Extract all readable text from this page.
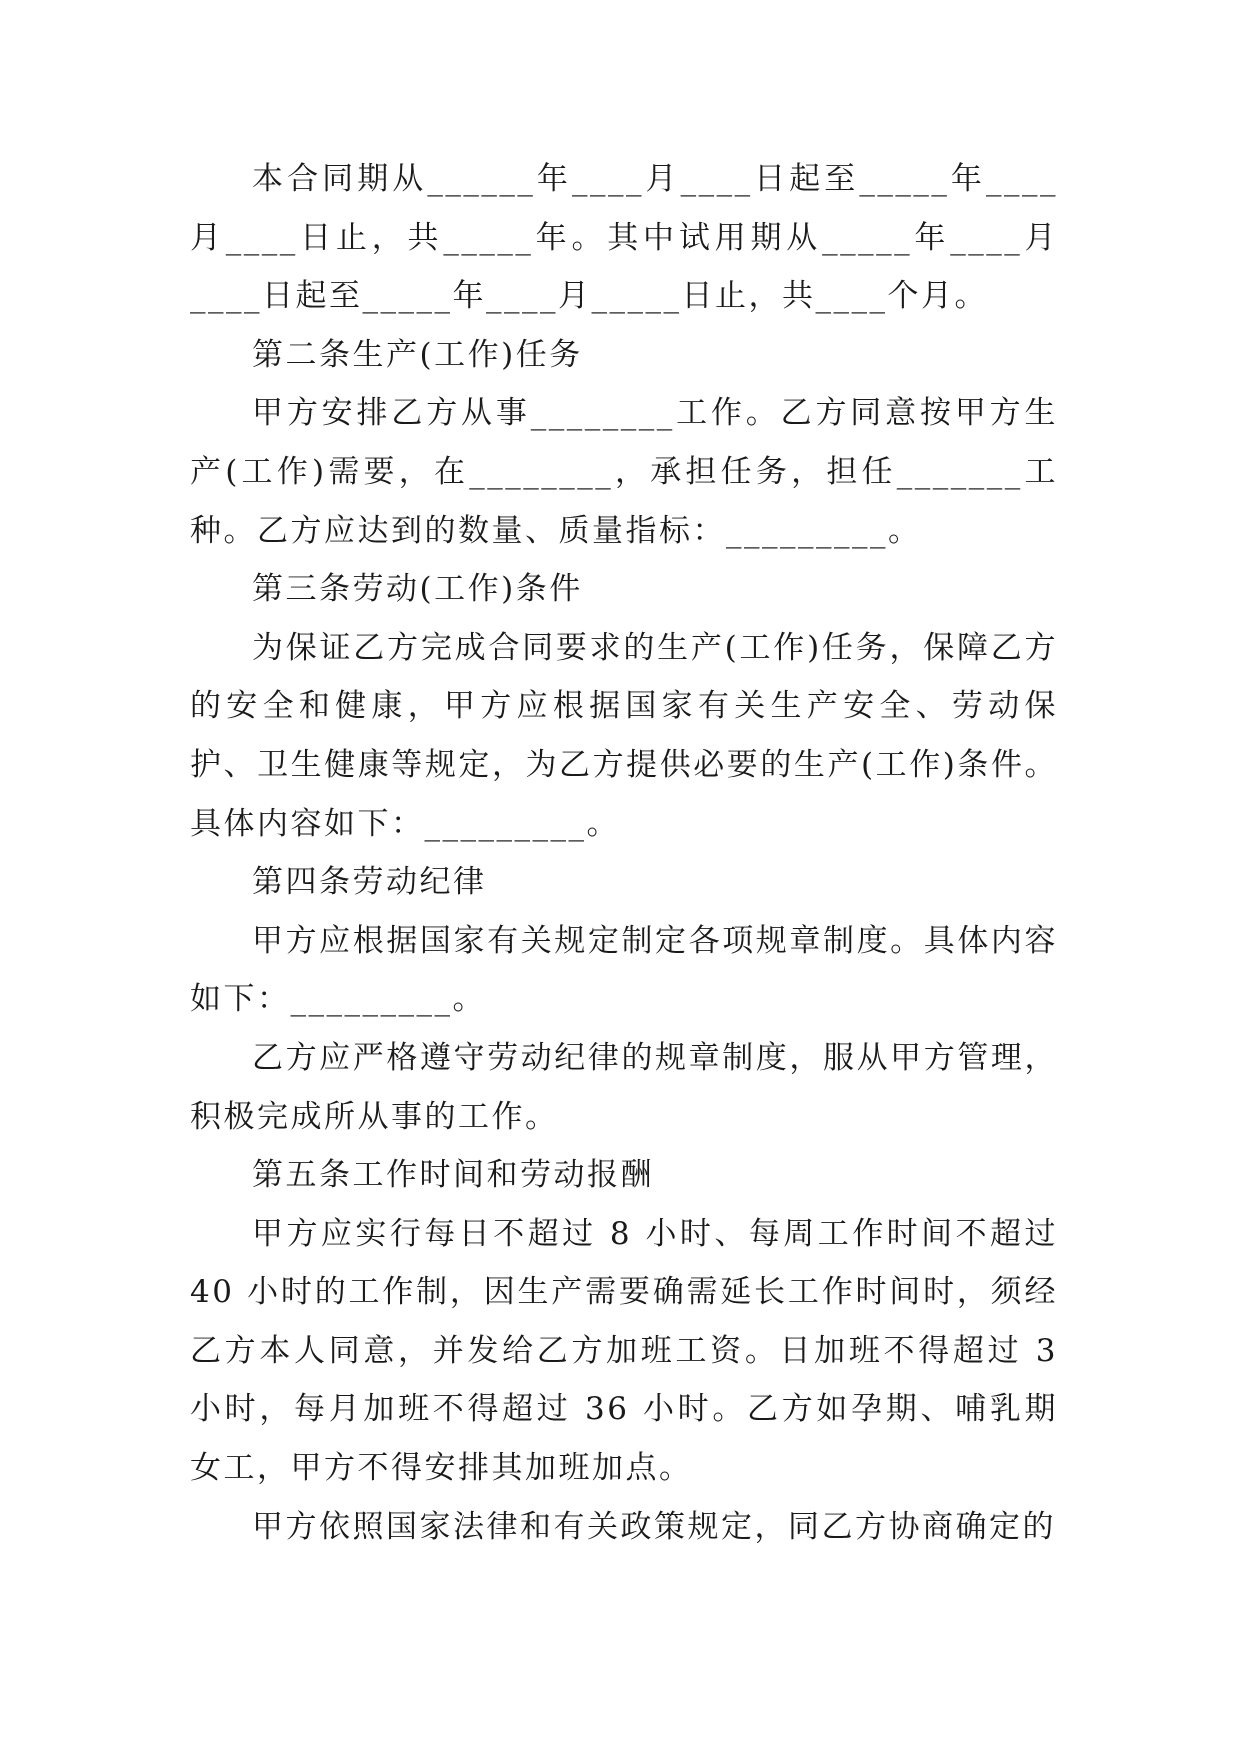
本合同期从______年____月____日起至_____年____月____日止，共_____年。其中试用期从_____年____月____日起至_____年____月_____日止，共____个月。

第二条生产(工作)任务

甲方安排乙方从事________工作。乙方同意按甲方生产(工作)需要，在________，承担任务，担任_______工种。乙方应达到的数量、质量指标：_________。

第三条劳动(工作)条件

为保证乙方完成合同要求的生产(工作)任务，保障乙方的安全和健康，甲方应根据国家有关生产安全、劳动保护、卫生健康等规定，为乙方提供必要的生产(工作)条件。具体内容如下：_________。

第四条劳动纪律

甲方应根据国家有关规定制定各项规章制度。具体内容如下：_________。

乙方应严格遵守劳动纪律的规章制度，服从甲方管理，积极完成所从事的工作。

第五条工作时间和劳动报酬

甲方应实行每日不超过 8 小时、每周工作时间不超过 40 小时的工作制，因生产需要确需延长工作时间时，须经乙方本人同意，并发给乙方加班工资。日加班不得超过 3 小时，每月加班不得超过 36 小时。乙方如孕期、哺乳期女工，甲方不得安排其加班加点。

甲方依照国家法律和有关政策规定，同乙方协商确定的
